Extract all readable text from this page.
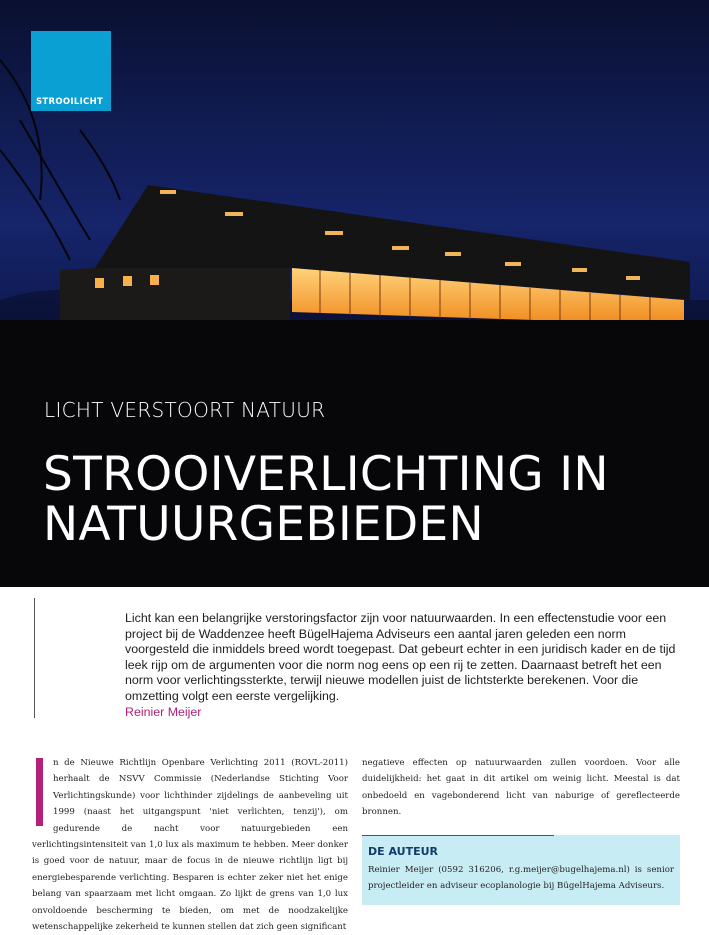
STROOILICHT
LICHT VERSTOORT NATUUR
STROOIVERLICHTING IN
NATUURGEBIEDEN
Licht kan een belangrijke verstoringsfactor zijn voor natuurwaarden. In een effectenstudie voor een project bij de Waddenzee heeft BügelHajema Adviseurs een aantal jaren geleden een norm voorgesteld die inmiddels breed wordt toegepast. Dat gebeurt echter in een juridisch kader en de tijd leek rijp om de argumenten voor die norm nog eens op een rij te zetten. Daarnaast betreft het een norm voor verlichtingssterkte, terwijl nieuwe modellen juist de lichtsterkte berekenen. Voor die omzetting volgt een eerste vergelijking.
Reinier Meijer
n de Nieuwe Richtlijn Openbare Verlichting 2011 (ROVL-2011) herhaalt de NSVV Commissie (Nederlandse Stichting Voor Verlichtingskunde) voor lichthinder zijdelings de aanbeveling uit 1999 (naast het uitgangspunt 'niet verlichten, tenzij'), om gedurende de nacht voor natuurgebieden een verlichtingsintensiteit van 1,0 lux als maximum te hebben. Meer donker is goed voor de natuur, maar de focus in de nieuwe richtlijn ligt bij energiebesparende verlichting. Besparen is echter zeker niet het enige belang van spaarzaam met licht omgaan. Zo lijkt de grens van 1,0 lux onvoldoende bescherming te bieden, om met de noodzakelijke wetenschappelijke zekerheid te kunnen stellen dat zich geen significant
negatieve effecten op natuurwaarden zullen voordoen. Voor alle duidelijkheid: het gaat in dit artikel om weinig licht. Meestal is dat onbedoeld en vagebonderend licht van naburige of gereflecteerde bronnen.
DE AUTEUR
Reinier Meijer (0592 316206, r.g.meijer@bugelhajema.nl) is senior projectleider en adviseur ecoplanologie bij BügelHajema Adviseurs.
